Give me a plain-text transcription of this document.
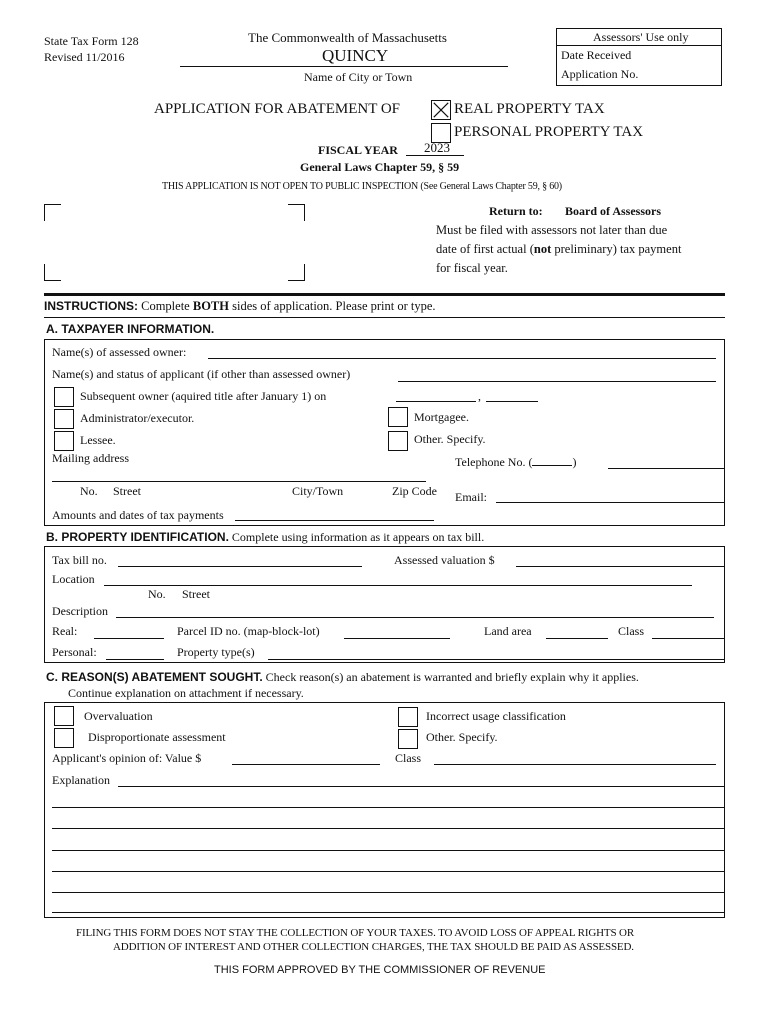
State Tax Form 128
Revised 11/2016
The Commonwealth of Massachusetts
QUINCY
Name of City or Town
Assessors' Use only
Date Received
Application No.
APPLICATION FOR ABATEMENT OF	REAL PROPERTY TAX
PERSONAL PROPERTY TAX
FISCAL YEAR 2023
General Laws Chapter 59, § 59
THIS APPLICATION IS NOT OPEN TO PUBLIC INSPECTION (See General Laws Chapter 59, § 60)
Return to: Board of Assessors
Must be filed with assessors not later than due
date of first actual (not preliminary) tax payment
for fiscal year.
INSTRUCTIONS: Complete BOTH sides of application. Please print or type.
A. TAXPAYER INFORMATION.
Name(s) of assessed owner:
Name(s) and status of applicant (if other than assessed owner)
Subsequent owner (aquired title after January 1) on	,
Administrator/executor.	Mortgagee.
Lessee.	Other. Specify.
Mailing address	Telephone No. (	)
No. Street	City/Town	Zip Code Email:
Amounts and dates of tax payments
B. PROPERTY IDENTIFICATION. Complete using information as it appears on tax bill.
Tax bill no.	Assessed valuation $
Location
No. Street
Description
Real:	Parcel ID no. (map-block-lot)	Land area	Class
Personal:	Property type(s)
C. REASON(S) ABATEMENT SOUGHT. Check reason(s) an abatement is warranted and briefly explain why it applies.
Continue explanation on attachment if necessary.
Overvaluation	Incorrect usage classification
Disproportionate assessment	Other. Specify.
Applicant's opinion of: Value $	Class
Explanation
FILING THIS FORM DOES NOT STAY THE COLLECTION OF YOUR TAXES. TO AVOID LOSS OF APPEAL RIGHTS OR
ADDITION OF INTEREST AND OTHER COLLECTION CHARGES, THE TAX SHOULD BE PAID AS ASSESSED.
THIS FORM APPROVED BY THE COMMISSIONER OF REVENUE
